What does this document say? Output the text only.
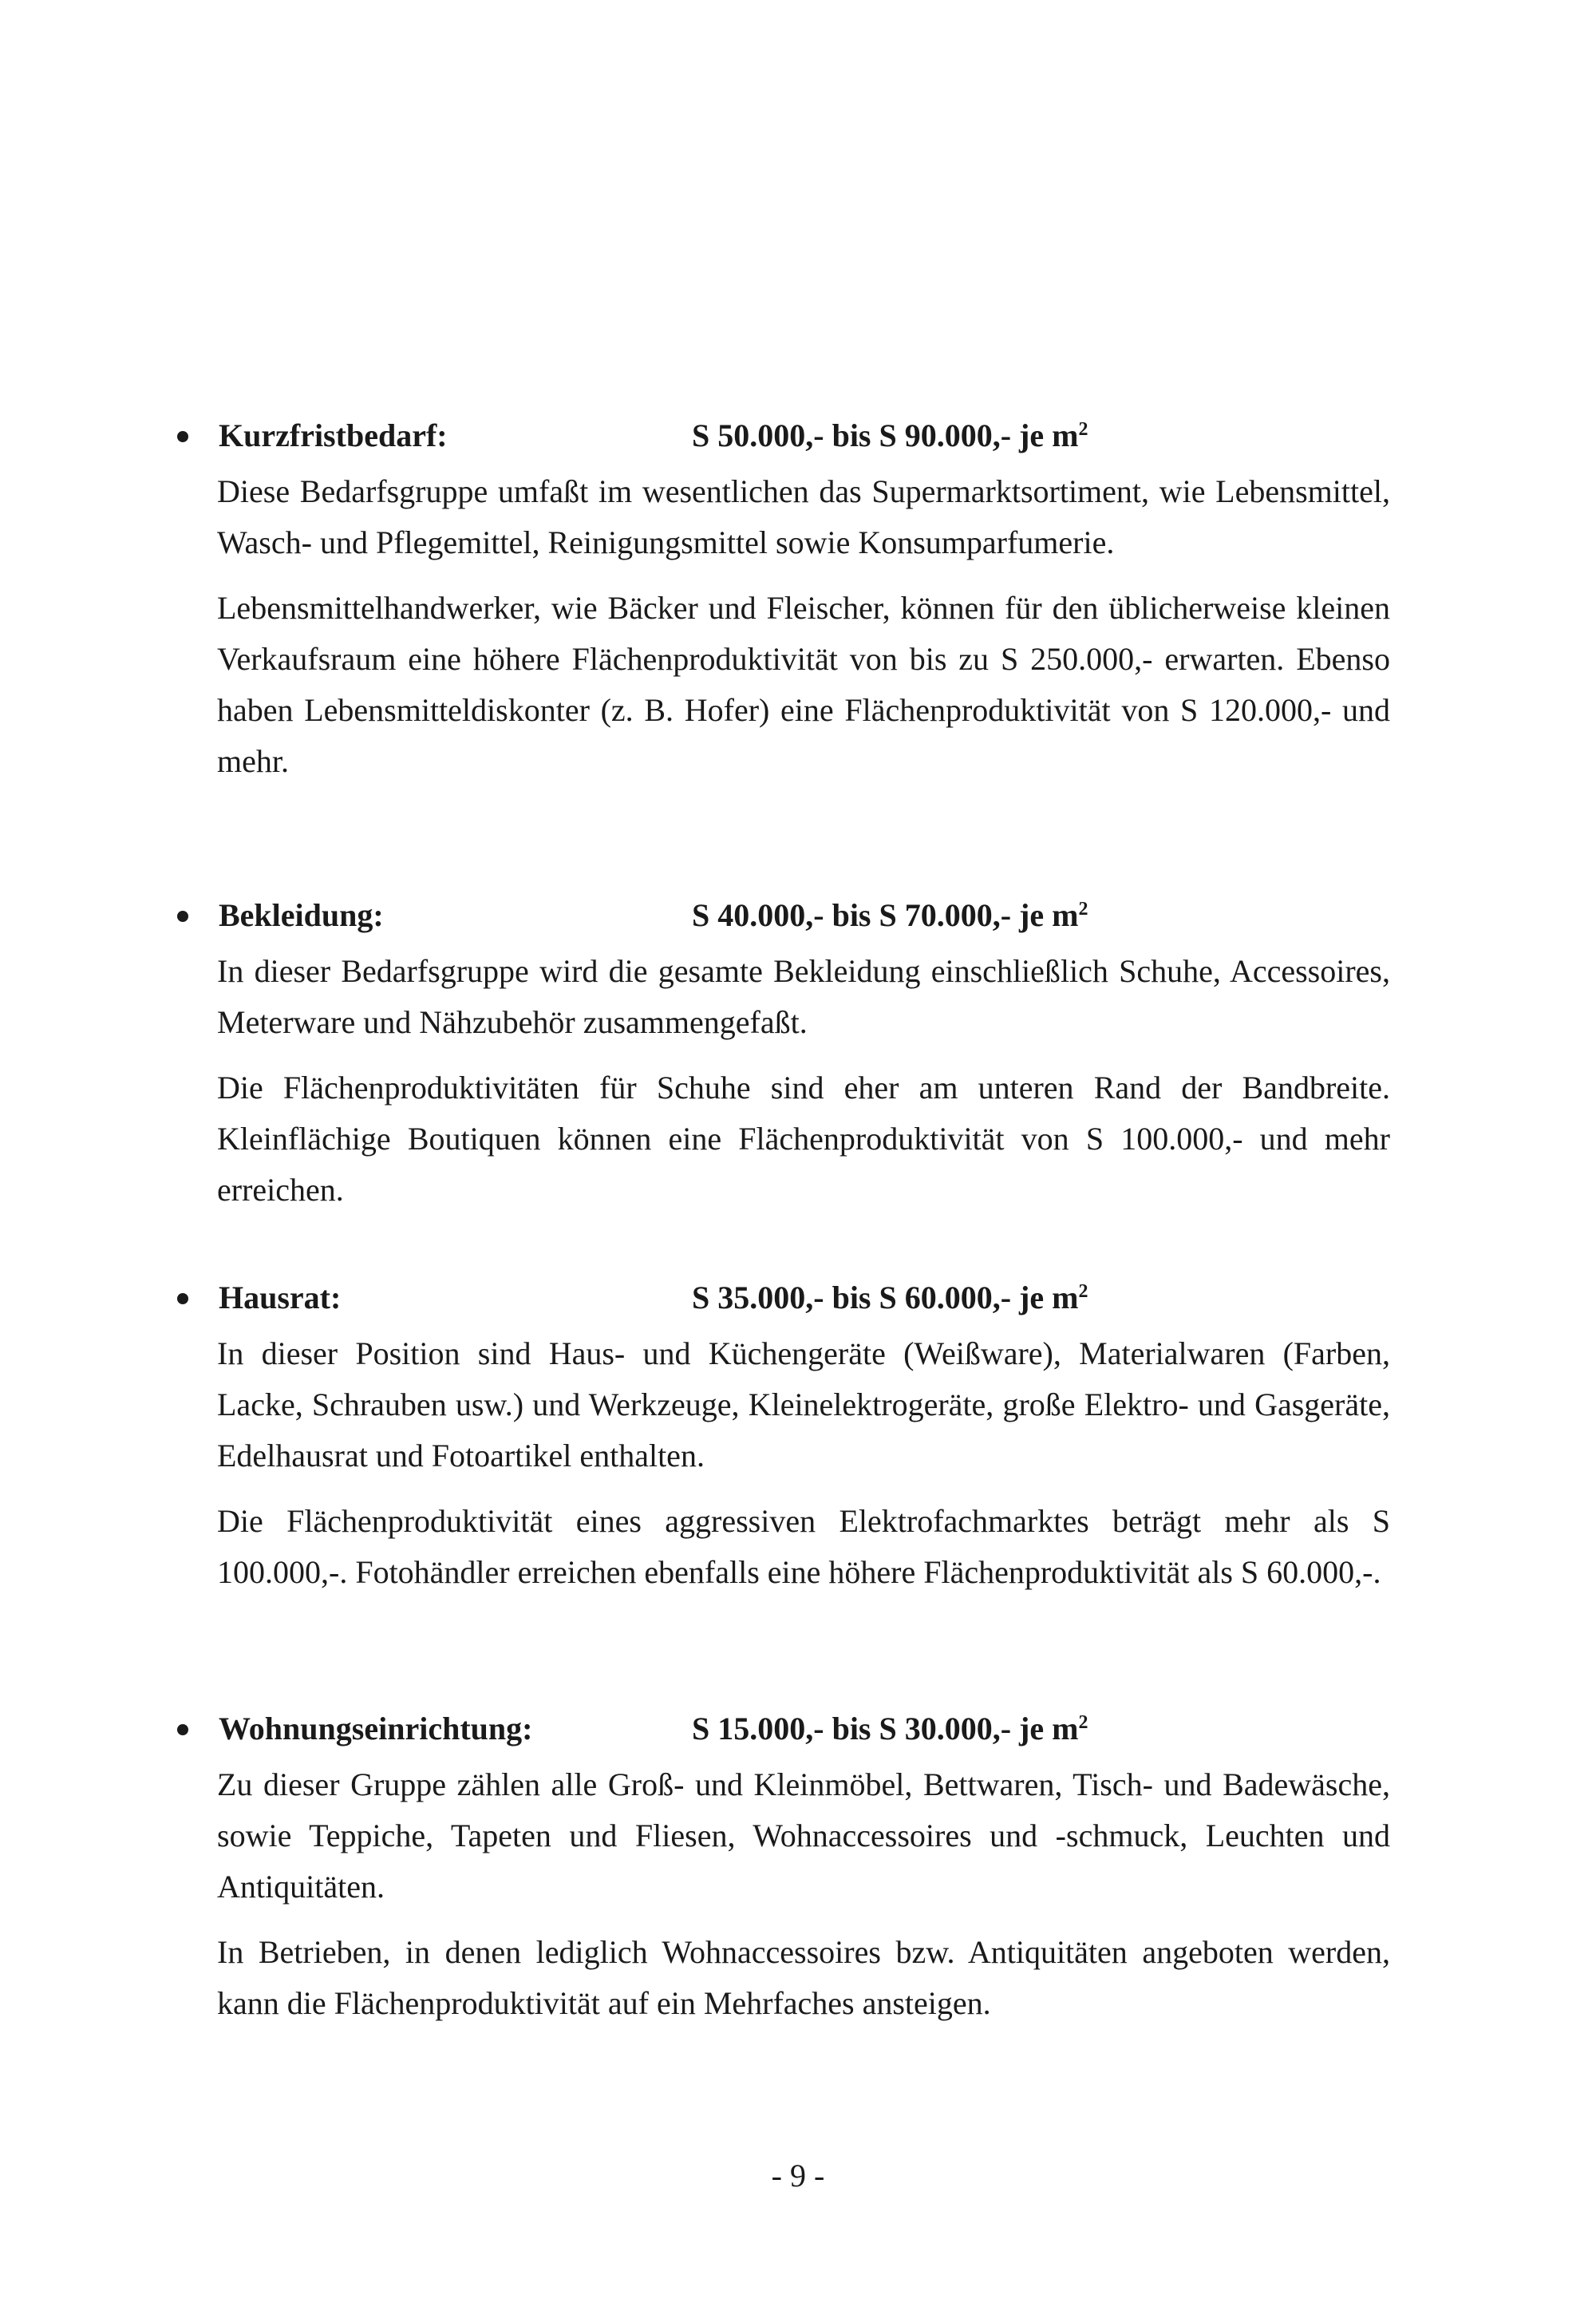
Kurzfristbedarf:	S 50.000,- bis S 90.000,- je $m^2$

Diese Bedarfsgruppe umfaßt im wesentlichen das Supermarktsortiment, wie Lebensmittel, Wasch- und Pflegemittel, Reinigungsmittel sowie Konsumparfumerie.

Lebensmittelhandwerker, wie Bäcker und Fleischer, können für den üblicherweise kleinen Verkaufsraum eine höhere Flächenproduktivität von bis zu S 250.000,- erwarten. Ebenso haben Lebensmitteldiskonter (z. B. Hofer) eine Flächenproduktivität von S 120.000,- und mehr.

Bekleidung:	S 40.000,- bis S 70.000,- je $m^2$

In dieser Bedarfsgruppe wird die gesamte Bekleidung einschließlich Schuhe, Accessoires, Meterware und Nähzubehör zusammengefaßt.

Die Flächenproduktivitäten für Schuhe sind eher am unteren Rand der Bandbreite. Kleinflächige Boutiquen können eine Flächenproduktivität von S 100.000,- und mehr erreichen.

Hausrat:	S 35.000,- bis S 60.000,- je $m^2$

In dieser Position sind Haus- und Küchengeräte (Weißware), Materialwaren (Farben, Lacke, Schrauben usw.) und Werkzeuge, Kleinelektrogeräte, große Elektro- und Gasgeräte, Edelhausrat und Fotoartikel enthalten.

Die Flächenproduktivität eines aggressiven Elektrofachmarktes beträgt mehr als S 100.000,-. Fotohändler erreichen ebenfalls eine höhere Flächenproduktivität als S 60.000,-.

Wohnungseinrichtung:	S 15.000,- bis S 30.000,- je $m^2$

Zu dieser Gruppe zählen alle Groß- und Kleinmöbel, Bettwaren, Tisch- und Badewäsche, sowie Teppiche, Tapeten und Fliesen, Wohnaccessoires und -schmuck, Leuchten und Antiquitäten.

In Betrieben, in denen lediglich Wohnaccessoires bzw. Antiquitäten angeboten werden, kann die Flächenproduktivität auf ein Mehrfaches ansteigen.

- 9 -
